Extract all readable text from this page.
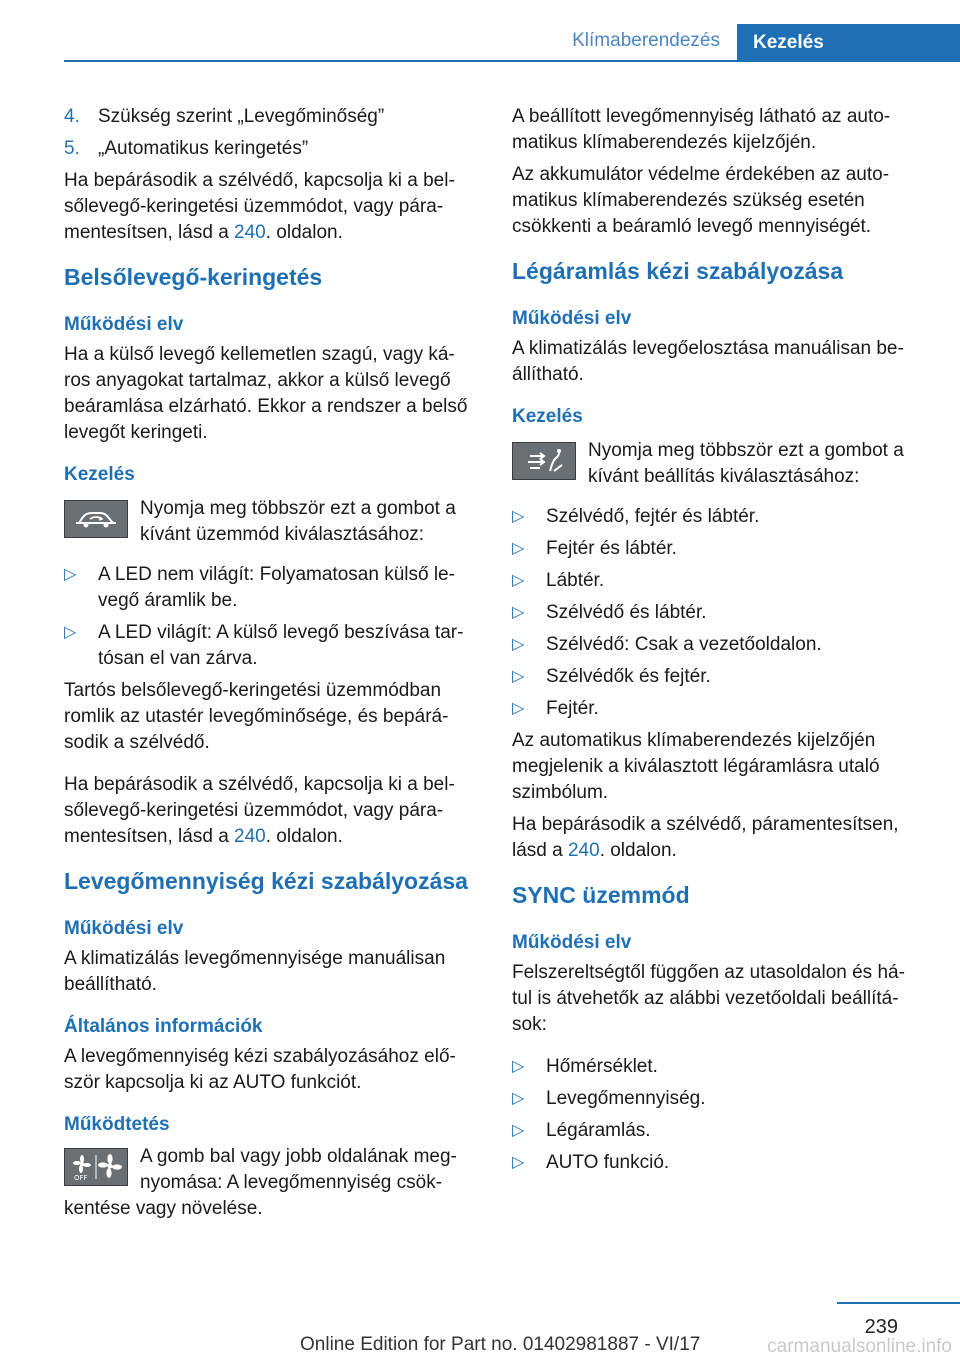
Klímaberendezés Kezelés
4. Szükség szerint „Levegőminőség”
5. „Automatikus keringetés”

Ha bepárásodik a szélvédő, kapcsolja ki a bel-sőlevegő-keringetési üzemmódot, vagy pára-mentesítsen, lásd a 240. oldalon.

Belsőlevegő-keringetés
Működési elv

Ha a külső levegő kellemetlen szagú, vagy ká-ros anyagokat tartalmaz, akkor a külső levegő beáramlása elzárható. Ekkor a rendszer a belső levegőt keringeti.

Kezelés
Nyomja meg többször ezt a gombot a kívánt üzemmód kiválasztásához:
▷	A LED nem világít: Folyamatosan külső le-vegő áramlik be.
▷	A LED világít: A külső levegő beszívása tar-tósan el van zárva.

Tartós belsőlevegő-keringetési üzemmódban romlik az utastér levegőminősége, és bepárá-sodik a szélvédő.

Ha bepárásodik a szélvédő, kapcsolja ki a bel-sőlevegő-keringetési üzemmódot, vagy pára-mentesítsen, lásd a 240. oldalon.

Levegőmennyiség kézi szabályozása
Működési elv

A klimatizálás levegőmennyisége manuálisan beállítható.

Általános információk

A levegőmennyiség kézi szabályozásához elő-ször kapcsolja ki az AUTO funkciót.

Működtetés
OFF
A gomb bal vagy jobb oldalának meg-nyomása: A levegőmennyiség csök-

kentése vagy növelése.

A beállított levegőmennyiség látható az auto-matikus klímaberendezés kijelzőjén.

Az akkumulátor védelme érdekében az auto-matikus klímaberendezés szükség esetén csökkenti a beáramló levegő mennyiségét.

Légáramlás kézi szabályozása
Működési elv

A klimatizálás levegőelosztása manuálisan be-állítható.

Kezelés
Nyomja meg többször ezt a gombot a kívánt beállítás kiválasztásához:
▷	Szélvédő, fejtér és lábtér.
▷	Fejtér és lábtér.
▷	Lábtér.
▷	Szélvédő és lábtér.
▷	Szélvédő: Csak a vezetőoldalon.
▷	Szélvédők és fejtér.
▷	Fejtér.

Az automatikus klímaberendezés kijelzőjén megjelenik a kiválasztott légáramlásra utaló szimbólum.

Ha bepárásodik a szélvédő, páramentesítsen, lásd a 240. oldalon.

SYNC üzemmód
Működési elv

Felszereltségtől függően az utasoldalon és há-tul is átvehetők az alábbi vezetőoldali beállítá-sok:

▷	Hőmérséklet.
▷	Levegőmennyiség.
▷	Légáramlás.
▷	AUTO funkció.
239
Online Edition for Part no. 01402981887 - VI/17	carmanualsonline.info
